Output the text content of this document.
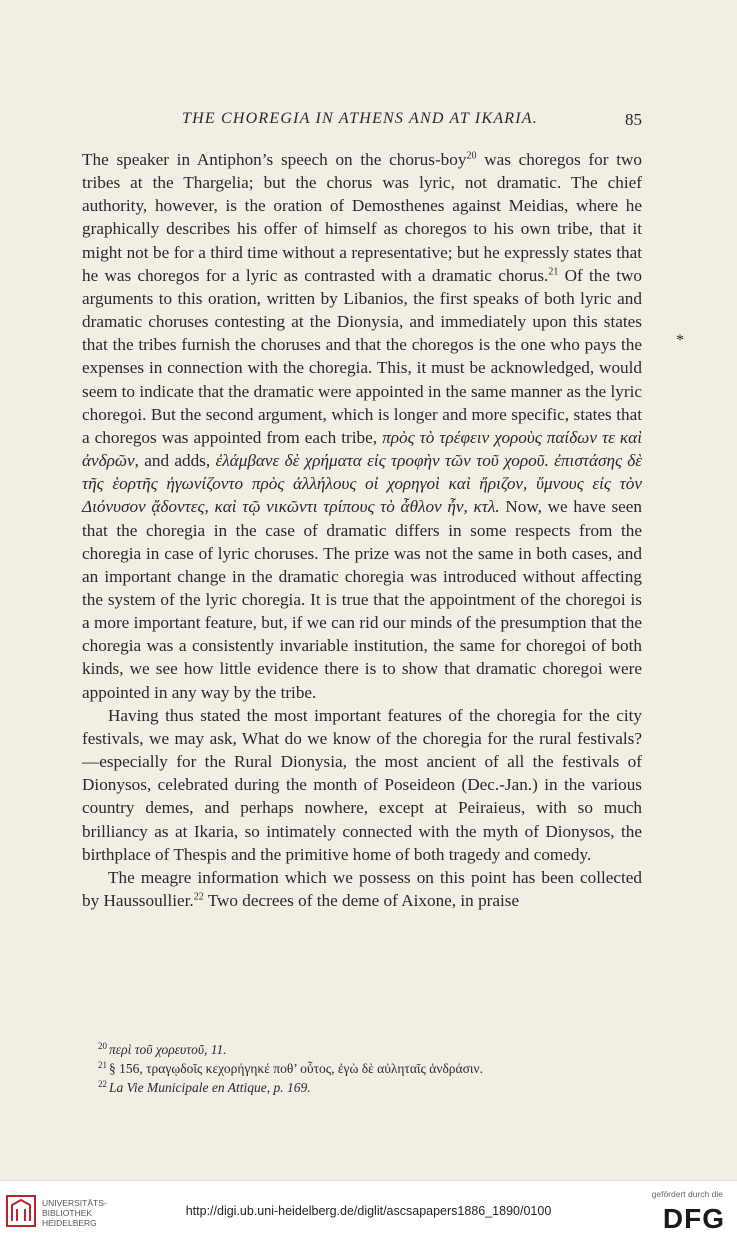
THE CHOREGIA IN ATHENS AND AT IKARIA.	85

The speaker in Antiphon’s speech on the chorus-boy$^{20}$ was choregos for two tribes at the Thargelia; but the chorus was lyric, not dramatic. The chief authority, however, is the oration of Demosthenes against Meidias, where he graphically describes his offer of himself as choregos to his own tribe, that it might not be for a third time without a representative; but he expressly states that he was choregos for a lyric as contrasted with a dramatic chorus.$^{21}$ Of the two arguments to this oration, written by Libanios, the first speaks of both lyric and dramatic choruses contesting at the Dionysia, and immediately upon this states that the tribes furnish the choruses and that the choregos is the one who pays the expenses in connection with the choregia. This, it must be acknowledged, would seem to indicate that the dramatic were appointed in the same manner as the lyric choregoi. But the second argument, which is longer and more specific, states that a choregos was appointed from each tribe, πρὸς τὸ τρέφειν χοροὺς παίδων τε καὶ ἀνδρῶν, and adds, ἐλάμβανε δὲ χρήματα εἰς τροφὴν τῶν τοῦ χοροῦ. ἐπιστάσης δὲ τῆς ἑορτῆς ἠγωνίζοντο πρὸς ἀλλήλους οἱ χορηγοὶ καὶ ἤριζον, ὕμνους εἰς τὸν Διόνυσον ᾄδοντες, καὶ τῷ νικῶντι τρίπους τὸ ἆθλον ἦν, κτλ. Now, we have seen that the choregia in the case of dramatic differs in some respects from the choregia in case of lyric choruses. The prize was not the same in both cases, and an important change in the dramatic choregia was introduced without affecting the system of the lyric choregia. It is true that the appointment of the choregoi is a more important feature, but, if we can rid our minds of the presumption that the choregia was a consistently invariable institution, the same for choregoi of both kinds, we see how little evidence there is to show that dramatic choregoi were appointed in any way by the tribe.

Having thus stated the most important features of the choregia for the city festivals, we may ask, What do we know of the choregia for the rural festivals?—especially for the Rural Dionysia, the most ancient of all the festivals of Dionysos, celebrated during the month of Poseideon (Dec.-Jan.) in the various country demes, and perhaps nowhere, except at Peiraieus, with so much brilliancy as at Ikaria, so intimately connected with the myth of Dionysos, the birthplace of Thespis and the primitive home of both tragedy and comedy.

The meagre information which we possess on this point has been collected by Haussoullier.$^{22}$ Two decrees of the deme of Aixone, in praise

*
$^{20}$ περὶ τοῦ χορευτοῦ, 11.
$^{21}$ § 156, τραγῳδοῖς κεχορήγηκέ ποθ’ οὗτος, ἐγὼ δὲ αὐληταῖς ἀνδράσιν.
$^{22}$ La Vie Municipale en Attique, p. 169.
UNIVERSITÄTS-
BIBLIOTHEK
HEIDELBERG
http://digi.ub.uni-heidelberg.de/diglit/ascsapapers1886_1890/0100
gefördert durch die
DFG
